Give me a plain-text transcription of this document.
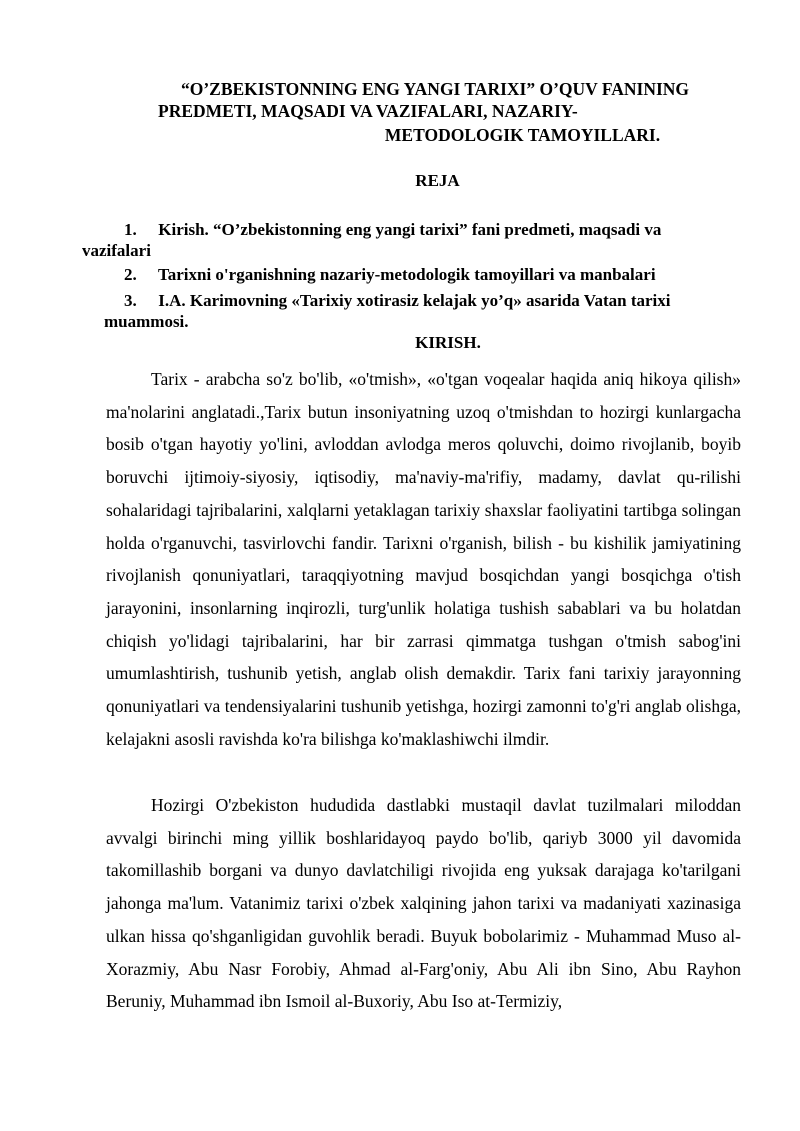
“O’ZBEKISTONNING ENG YANGI TARIXI” O’QUV FANINING

PREDMETI, MAQSADI VA VAZIFALARI, NAZARIY-

METODOLOGIK TAMOYILLARI.

REJA

1. Kirish. “O’zbekistonning eng yangi tarixi” fani predmeti, maqsadi va
vazifalari
2. Tarixni o'rganishning nazariy-metodologik tamoyillari va manbalari
3. I.A. Karimovning «Tarixiy xotirasiz kelajak yo’q» asarida Vatan tarixi
muammosi.

KIRISH.

Tarix - arabcha so'z bo'lib, «o'tmish», «o'tgan voqealar haqida aniq hikoya qilish» ma'nolarini anglatadi.,Tarix butun insoniyatning uzoq o'tmishdan to hozirgi kunlargacha bosib o'tgan hayotiy yo'lini, avloddan avlodga meros qoluvchi, doimo rivojlanib, boyib boruvchi ijtimoiy-siyosiy, iqtisodiy, ma'naviy-ma'rifiy, madamy, davlat qu-rilishi sohalaridagi tajribalarini, xalqlarni yetaklagan tarixiy shaxslar faoliyatini tartibga solingan holda o'rganuvchi, tasvirlovchi fandir. Tarixni o'rganish, bilish - bu kishilik jamiyatining rivojlanish qonuniyatlari, taraqqiyotning mavjud bosqichdan yangi bosqichga o'tish jarayonini, insonlarning inqirozli, turg'unlik holatiga tushish sabablari va bu holatdan chiqish yo'lidagi tajribalarini, har bir zarrasi qimmatga tushgan o'tmish sabog'ini umumlashtirish, tushunib yetish, anglab olish demakdir. Tarix fani tarixiy jarayonning qonuniyatlari va tendensiyalarini tushunib yetishga, hozirgi zamonni to'g'ri anglab olishga, kelajakni asosli ravishda ko'ra bilishga ko'maklashiwchi ilmdir.

Hozirgi O'zbekiston hududida dastlabki mustaqil davlat tuzilmalari miloddan avvalgi birinchi ming yillik boshlaridayoq paydo bo'lib, qariyb 3000 yil davomida takomillashib borgani va dunyo davlatchiligi rivojida eng yuksak darajaga ko'tarilgani jahonga ma'lum. Vatanimiz tarixi o'zbek xalqining jahon tarixi va madaniyati xazinasiga ulkan hissa qo'shganligidan guvohlik beradi. Buyuk bobolarimiz - Muhammad Muso al-Xorazmiy, Abu Nasr Forobiy, Ahmad al-Farg'oniy, Abu Ali ibn Sino, Abu Rayhon Beruniy, Muhammad ibn Ismoil al-Buxoriy, Abu Iso at-Termiziy,
